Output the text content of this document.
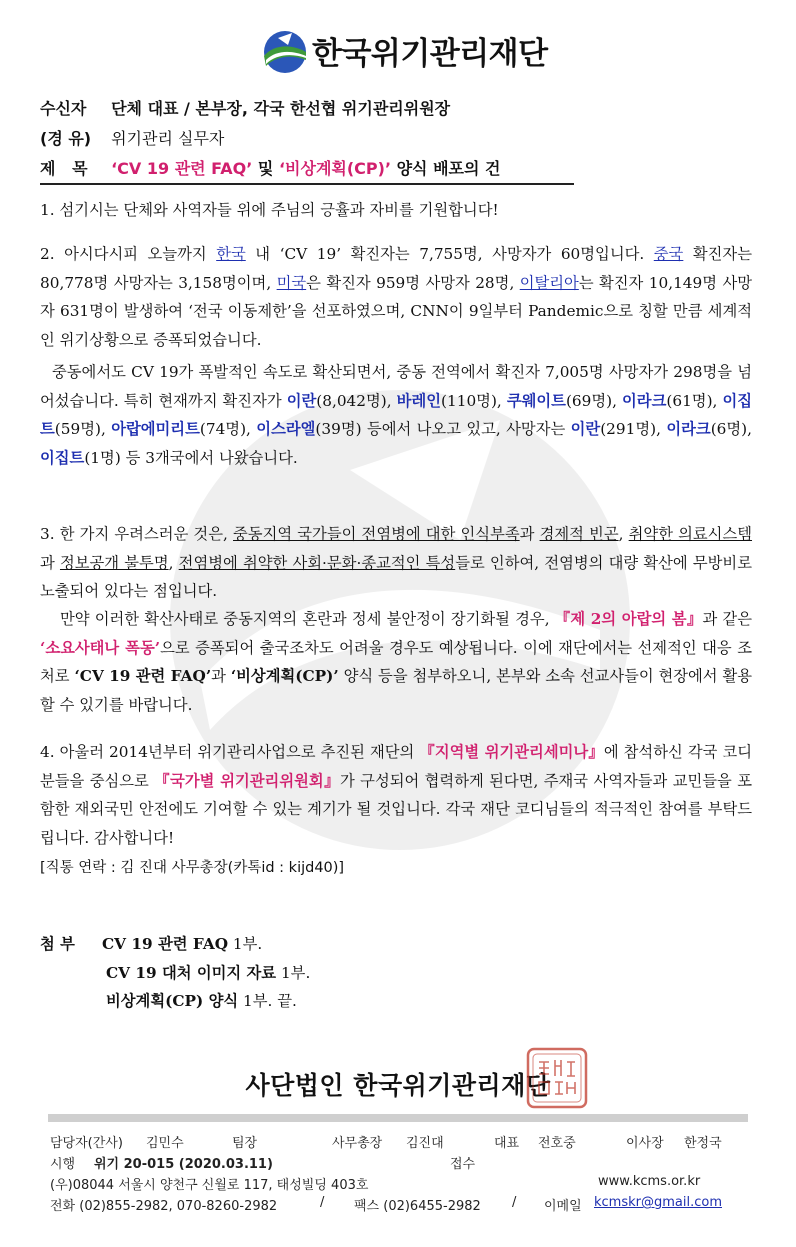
한국위기관리재단
수신자 단체 대표 / 본부장, 각국 한선협 위기관리위원장
(경 유) 위기관리 실무자
제   목 ‘CV 19 관련 FAQ’ 및 ‘비상계획(CP)’ 양식 배포의 건
1. 섬기시는 단체와 사역자들 위에 주님의 긍휼과 자비를 기원합니다!
2. 아시다시피 오늘까지 한국 내 ‘CV 19’ 확진자는 7,755명, 사망자가 60명입니다. 중국 확진자는 80,778명 사망자는 3,158명이며, 미국은 확진자 959명 사망자 28명, 이탈리아는 확진자 10,149명 사망자 631명이 발생하여 ‘전국 이동제한’을 선포하였으며, CNN이 9일부터 Pandemic으로 칭할 만큼 세계적인 위기상황으로 증폭되었습니다.
중동에서도 CV 19가 폭발적인 속도로 확산되면서, 중동 전역에서 확진자 7,005명 사망자가 298명을 넘어섰습니다. 특히 현재까지 확진자가 이란(8,042명), 바레인(110명), 쿠웨이트(69명), 이라크(61명), 이집트(59명), 아랍에미리트(74명), 이스라엘(39명) 등에서 나오고 있고, 사망자는 이란(291명), 이라크(6명), 이집트(1명) 등 3개국에서 나왔습니다.
3. 한 가지 우려스러운 것은, 중동지역 국가들이 전염병에 대한 인식부족과 경제적 빈곤, 취약한 의료시스템과 정보공개 불투명, 전염병에 취약한 사회·문화·종교적인 특성들로 인하여, 전염병의 대량 확산에 무방비로 노출되어 있다는 점입니다.
만약 이러한 확산사태로 중동지역의 혼란과 정세 불안정이 장기화될 경우, 『제 2의 아랍의 봄』과 같은 ‘소요사태나 폭동’으로 증폭되어 출국조차도 어려울 경우도 예상됩니다. 이에 재단에서는 선제적인 대응 조처로 ‘CV 19 관련 FAQ’과 ‘비상계획(CP)’ 양식 등을 첨부하오니, 본부와 소속 선교사들이 현장에서 활용할 수 있기를 바랍니다.
4. 아울러 2014년부터 위기관리사업으로 추진된 재단의 『지역별 위기관리세미나』에 참석하신 각국 코디분들을 중심으로 『국가별 위기관리위원회』가 구성되어 협력하게 된다면, 주재국 사역자들과 교민들을 포함한 재외국민 안전에도 기여할 수 있는 계기가 될 것입니다. 각국 재단 코디님들의 적극적인 참여를 부탁드립니다. 감사합니다!
[직통 연락 : 김 진대 사무총장(카톡id : kijd40)]
첨 부 CV 19 관련 FAQ 1부.
CV 19 대처 이미지 자료 1부.
비상계획(CP) 양식 1부. 끝.
사단법인 한국위기관리재단
담당자(간사) 김민수	팀장	사무총장 김진대	대표 전호중	이사장 한정국
시행 위기 20-015 (2020.03.11)	접수
(우)08044 서울시 양천구 신월로 117, 태성빌딩 403호	www.kcms.or.kr
전화 (02)855-2982, 070-8260-2982	/ 팩스 (02)6455-2982 / 이메일 kcmskr@gmail.com
